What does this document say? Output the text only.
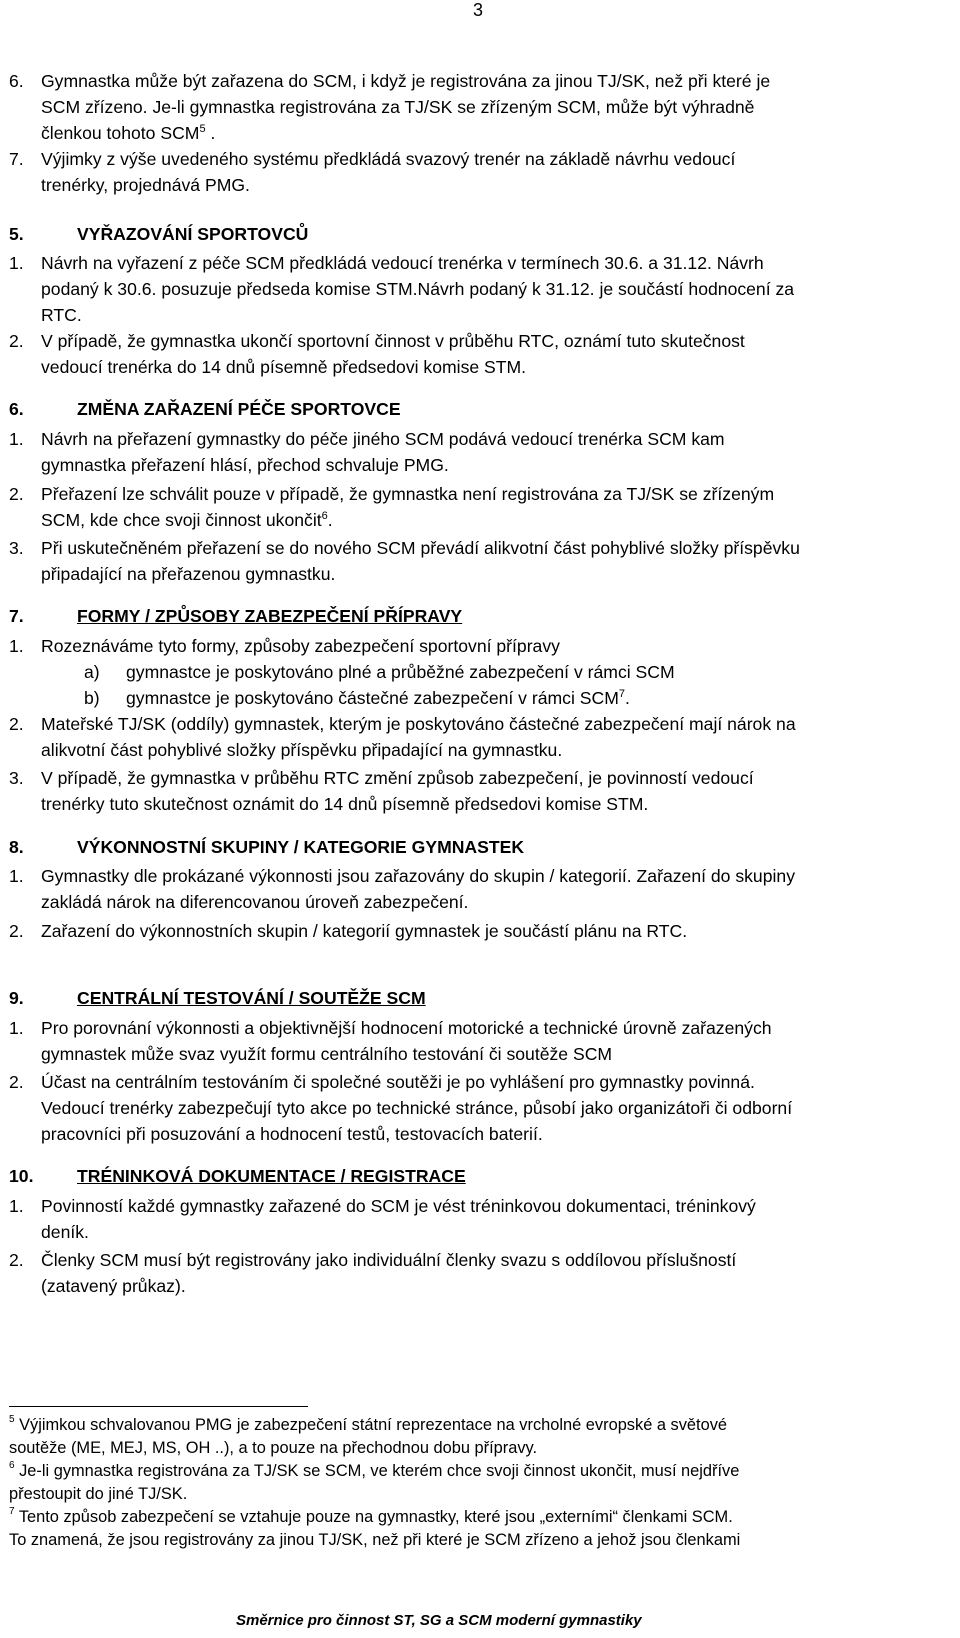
3
6. Gymnastka může být zařazena do SCM, i když je registrována za jinou TJ/SK, než při které je
SCM zřízeno. Je-li gymnastka registrována za TJ/SK se zřízeným SCM, může být výhradně
členkou tohoto SCM$^5$ .
7. Výjimky z výše uvedeného systému předkládá svazový trenér na základě návrhu vedoucí
trenérky, projednává PMG.
5.	VYŘAZOVÁNÍ SPORTOVCŮ
1. Návrh na vyřazení z péče SCM předkládá vedoucí trenérka v termínech 30.6. a 31.12. Návrh
podaný k 30.6. posuzuje předseda komise STM.Návrh podaný k 31.12. je součástí hodnocení za
RTC.
2. V případě, že gymnastka ukončí sportovní činnost v průběhu RTC, oznámí tuto skutečnost
vedoucí trenérka do 14 dnů písemně předsedovi komise STM.
6.	ZMĚNA ZAŘAZENÍ PÉČE SPORTOVCE
1. Návrh na přeřazení gymnastky do péče jiného SCM podává vedoucí trenérka SCM kam
gymnastka přeřazení hlásí, přechod schvaluje PMG.
2. Přeřazení lze schválit pouze v případě, že gymnastka není registrována za TJ/SK se zřízeným
SCM, kde chce svoji činnost ukončit$^6$.
3. Při uskutečněném přeřazení se do nového SCM převádí alikvotní část pohyblivé složky příspěvku
připadající na přeřazenou gymnastku.
7.	FORMY / ZPŮSOBY ZABEZPEČENÍ PŘÍPRAVY
1. Rozeznáváme tyto formy, způsoby zabezpečení sportovní přípravy
a) gymnastce je poskytováno plné a průběžné zabezpečení v rámci SCM
b) gymnastce je poskytováno částečné zabezpečení v rámci SCM$^7$.
2. Mateřské TJ/SK (oddíly) gymnastek, kterým je poskytováno částečné zabezpečení mají nárok na
alikvotní část pohyblivé složky příspěvku připadající na gymnastku.
3. V případě, že gymnastka v průběhu RTC změní způsob zabezpečení, je povinností vedoucí
trenérky tuto skutečnost oznámit do 14 dnů písemně předsedovi komise STM.
8.	VÝKONNOSTNÍ SKUPINY / KATEGORIE GYMNASTEK
1. Gymnastky dle prokázané výkonnosti jsou zařazovány do skupin / kategorií. Zařazení do skupiny
zakládá nárok na diferencovanou úroveň zabezpečení.
2. Zařazení do výkonnostních skupin / kategorií gymnastek je součástí plánu na RTC.
9.	CENTRÁLNÍ TESTOVÁNÍ / SOUTĚŽE SCM
1. Pro porovnání výkonnosti a objektivnější hodnocení motorické a technické úrovně zařazených
gymnastek může svaz využít formu centrálního testování či soutěže SCM
2. Účast na centrálním testováním či společné soutěži je po vyhlášení pro gymnastky povinná.
Vedoucí trenérky zabezpečují tyto akce po technické stránce, působí jako organizátoři či odborní
pracovníci při posuzování a hodnocení testů, testovacích baterií.
10. TRÉNINKOVÁ DOKUMENTACE / REGISTRACE
1. Povinností každé gymnastky zařazené do SCM je vést tréninkovou dokumentaci, tréninkový
deník.
2. Členky SCM musí být registrovány jako individuální členky svazu s oddílovou příslušností
(zatavený průkaz).
$^5$ Výjimkou schvalovanou PMG je zabezpečení státní reprezentace na vrcholné evropské a světové
soutěže (ME, MEJ, MS, OH ..), a to pouze na přechodnou dobu přípravy.
$^6$ Je-li gymnastka registrována za TJ/SK se SCM, ve kterém chce svoji činnost ukončit, musí nejdříve
přestoupit do jiné TJ/SK.
$^7$ Tento způsob zabezpečení se vztahuje pouze na gymnastky, které jsou „externími“ členkami SCM.
To znamená, že jsou registrovány za jinou TJ/SK, než při které je SCM zřízeno a jehož jsou členkami
Směrnice pro činnost ST, SG a SCM moderní gymnastiky
